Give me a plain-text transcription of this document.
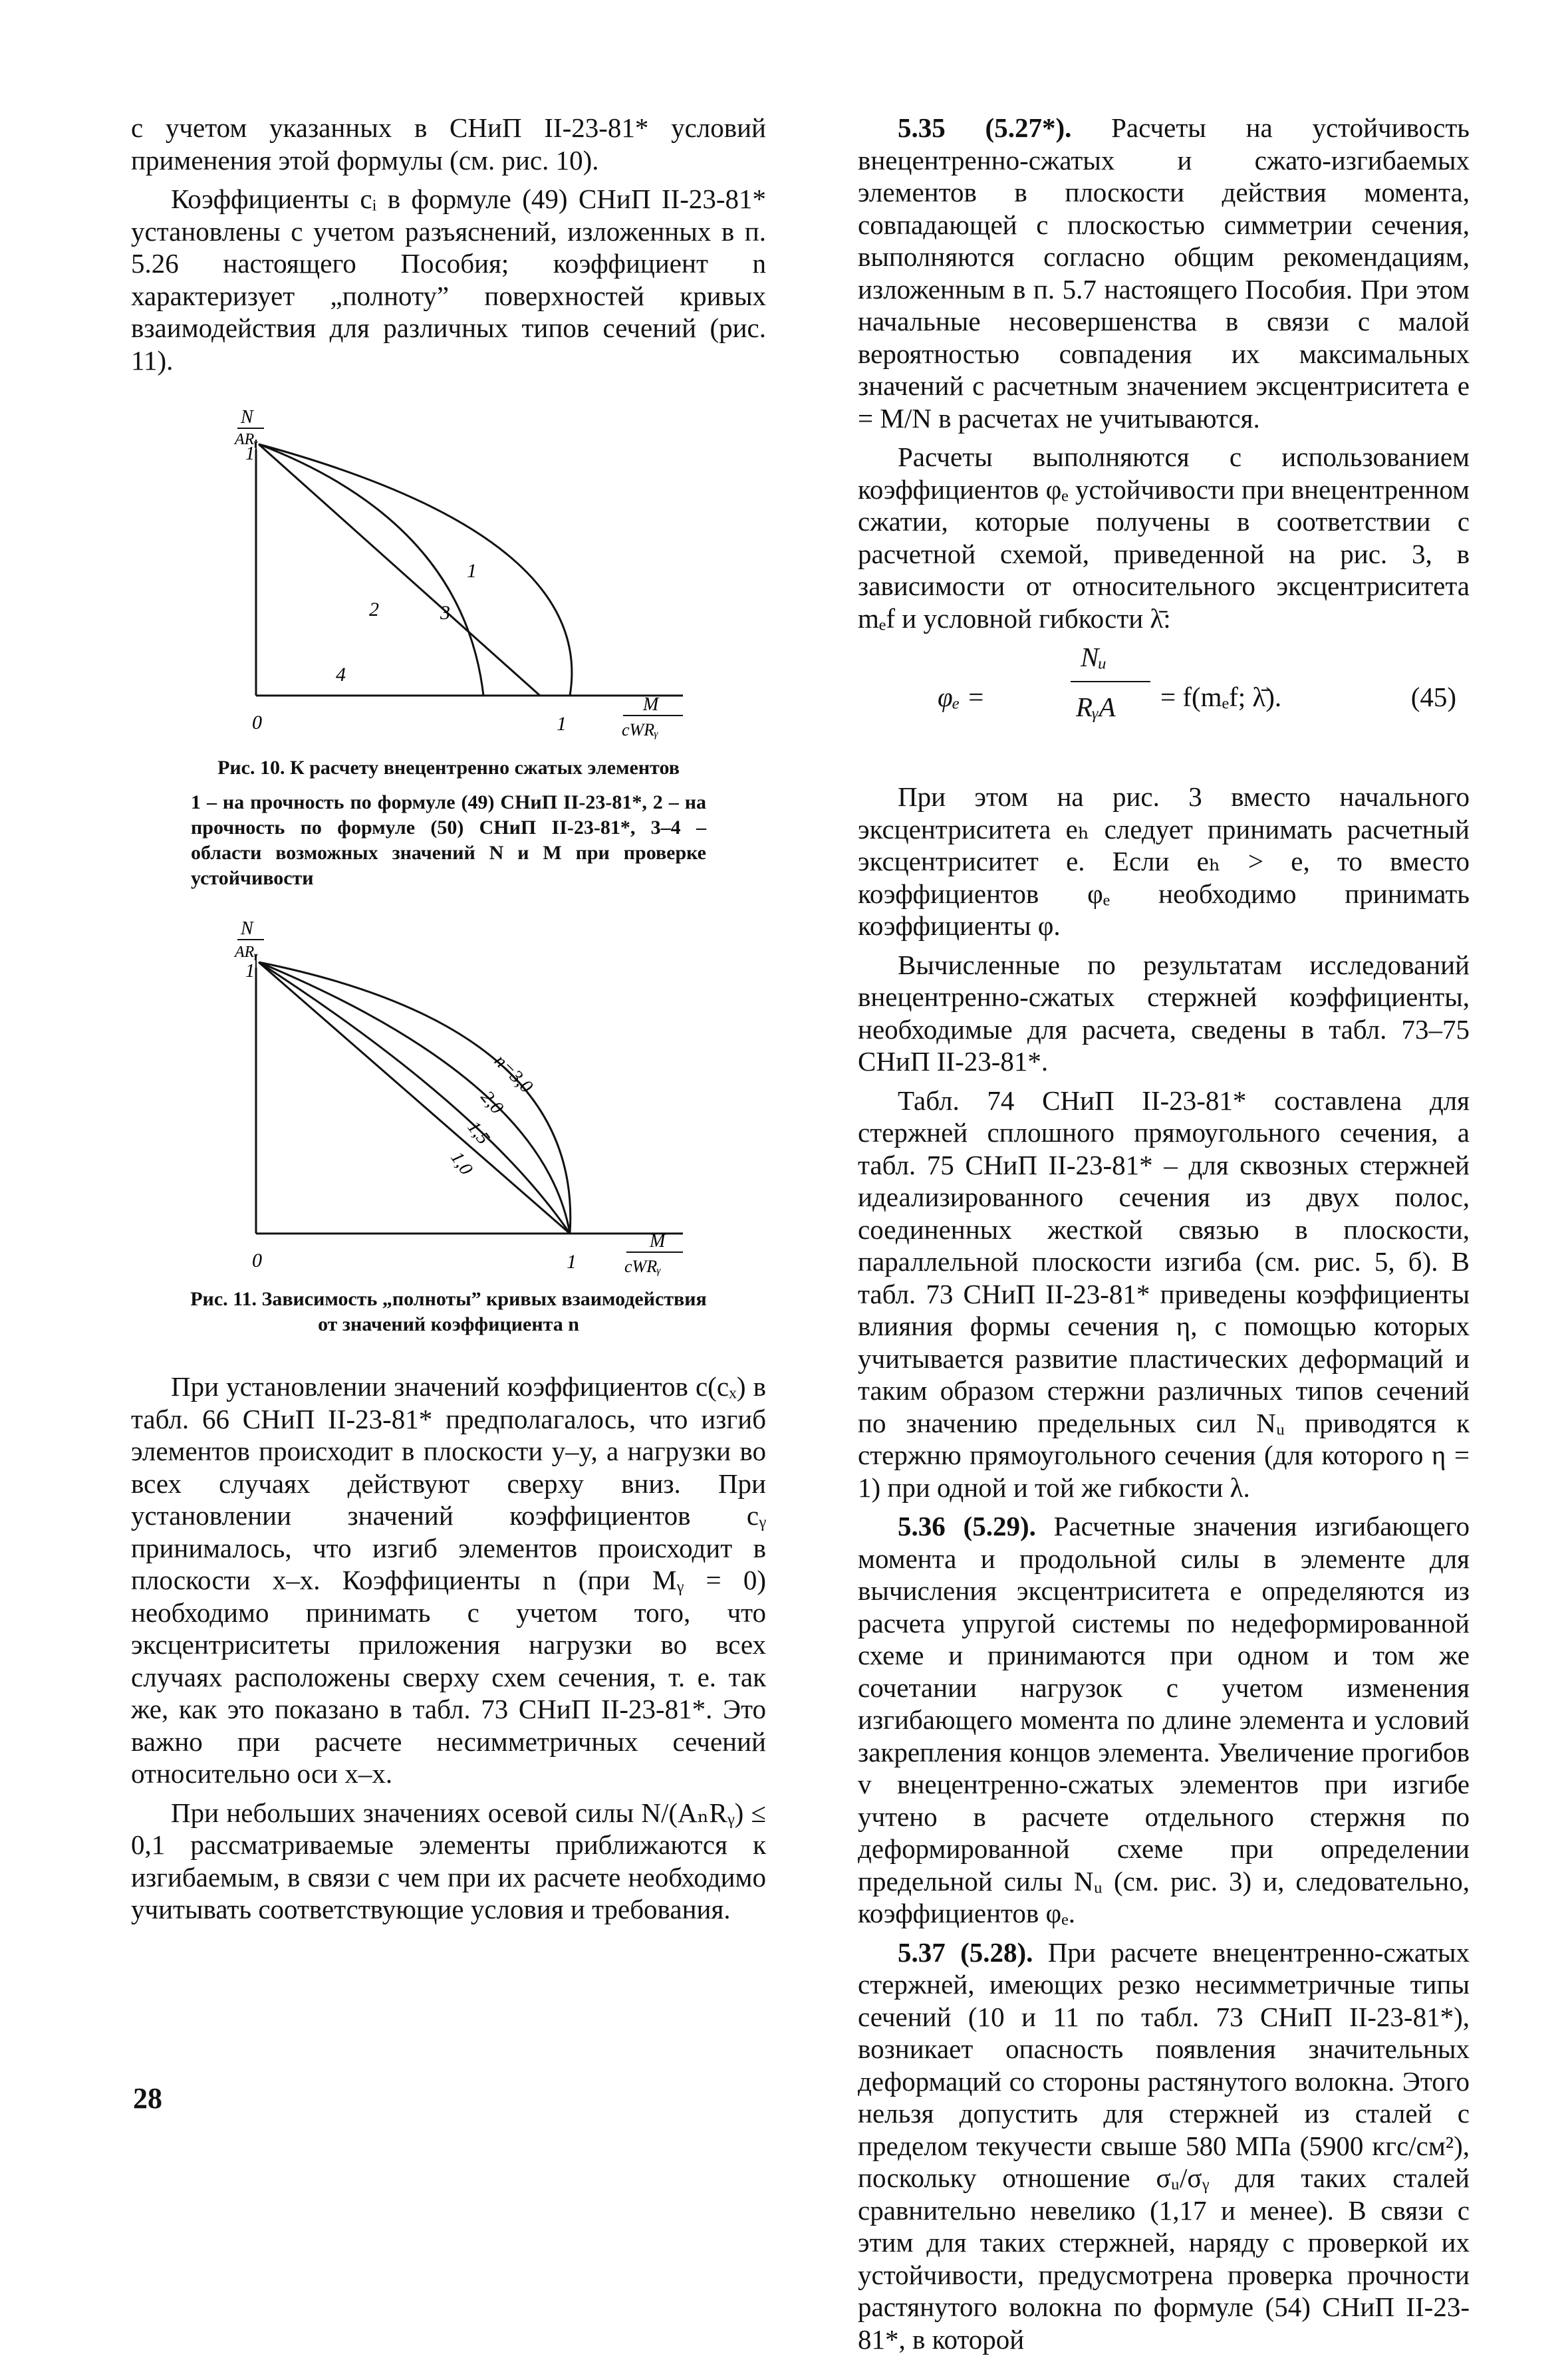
с учетом указанных в СНиП II-23-81* условий применения этой формулы (см. рис. 10).

Коэффициенты cᵢ в формуле (49) СНиП II-23-81* установлены с учетом разъяснений, изложенных в п. 5.26 настоящего Пособия; коэффициент n характеризует „полноту” поверхностей кривых взаимодействия для различных типов сечений (рис. 11).

N
ARᵧ
1
0	1
M
cWRᵧ
1
2	3
4

Рис. 10. К расчету внецентренно сжатых элементов

1 – на прочность по формуле (49) СНиП II-23-81*, 2 – на прочность по формуле (50) СНиП II-23-81*, 3–4 – области возможных значений N и M при проверке устойчивости

N
ARᵧ
1
0	1
M
cWRᵧ
n=3,0
2,0
1,5
1,0

Рис. 11. Зависимость „полноты” кривых взаимодействия от значений коэффициента n

При установлении значений коэффициентов c(cₓ) в табл. 66 СНиП II-23-81* предполагалось, что изгиб элементов происходит в плоскости y–y, а нагрузки во всех случаях действуют сверху вниз. При установлении значений коэффициентов cᵧ принималось, что изгиб элементов происходит в плоскости x–x. Коэффициенты n (при Mᵧ = 0) необходимо принимать с учетом того, что эксцентриситеты приложения нагрузки во всех случаях расположены сверху схем сечения, т. е. так же, как это показано в табл. 73 СНиП II-23-81*. Это важно при расчете несимметричных сечений относительно оси x–x.

При небольших значениях осевой силы N/(AₙRᵧ) ≤ 0,1 рассматриваемые элементы приближаются к изгибаемым, в связи с чем при их расчете необходимо учитывать соответствующие условия и требования.

5.35 (5.27*). Расчеты на устойчивость внецентренно-сжатых и сжато-изгибаемых элементов в плоскости действия момента, совпадающей с плоскостью симметрии сечения, выполняются согласно общим рекомендациям, изложенным в п. 5.7 настоящего Пособия. При этом начальные несовершенства в связи с малой вероятностью совпадения их максимальных значений с расчетным значением эксцентриситета e = M/N в расчетах не учитываются.

Расчеты выполняются с использованием коэффициентов φₑ устойчивости при внецентренном сжатии, которые получены в соответствии с расчетной схемой, приведенной на рис. 3, в зависимости от относительного эксцентриситета mₑf и условной гибкости λ̄:

φₑ =
Nᵤ
RᵧA = f(mₑf; λ̄).	(45)

При этом на рис. 3 вместо начального эксцентриситета eₕ следует принимать расчетный эксцентриситет e. Если eₕ > e, то вместо коэффициентов φₑ необходимо принимать коэффициенты φ.

Вычисленные по результатам исследований внецентренно-сжатых стержней коэффициенты, необходимые для расчета, сведены в табл. 73–75 СНиП II-23-81*.

Табл. 74 СНиП II-23-81* составлена для стержней сплошного прямоугольного сечения, а табл. 75 СНиП II-23-81* – для сквозных стержней идеализированного сечения из двух полос, соединенных жесткой связью в плоскости, параллельной плоскости изгиба (см. рис. 5, б). В табл. 73 СНиП II-23-81* приведены коэффициенты влияния формы сечения η, с помощью которых учитывается развитие пластических деформаций и таким образом стержни различных типов сечений по значению предельных сил Nᵤ приводятся к стержню прямоугольного сечения (для которого η = 1) при одной и той же гибкости λ.

5.36 (5.29). Расчетные значения изгибающего момента и продольной силы в элементе для вычисления эксцентриситета e определяются из расчета упругой системы по недеформированной схеме и принимаются при одном и том же сочетании нагрузок с учетом изменения изгибающего момента по длине элемента и условий закрепления концов элемента. Увеличение прогибов v внецентренно-сжатых элементов при изгибе учтено в расчете отдельного стержня по деформированной схеме при определении предельной силы Nᵤ (см. рис. 3) и, следовательно, коэффициентов φₑ.

5.37 (5.28). При расчете внецентренно-сжатых стержней, имеющих резко несимметричные типы сечений (10 и 11 по табл. 73 СНиП II-23-81*), возникает опасность появления значительных деформаций со стороны растянутого волокна. Этого нельзя допустить для стержней из сталей с пределом текучести свыше 580 МПа (5900 кгс/см²), поскольку отношение σᵤ/σᵧ для таких сталей сравнительно невелико (1,17 и менее). В связи с этим для таких стержней, наряду с проверкой их устойчивости, предусмотрена проверка прочности растянутого волокна по формуле (54) СНиП II-23-81*, в которой

28
